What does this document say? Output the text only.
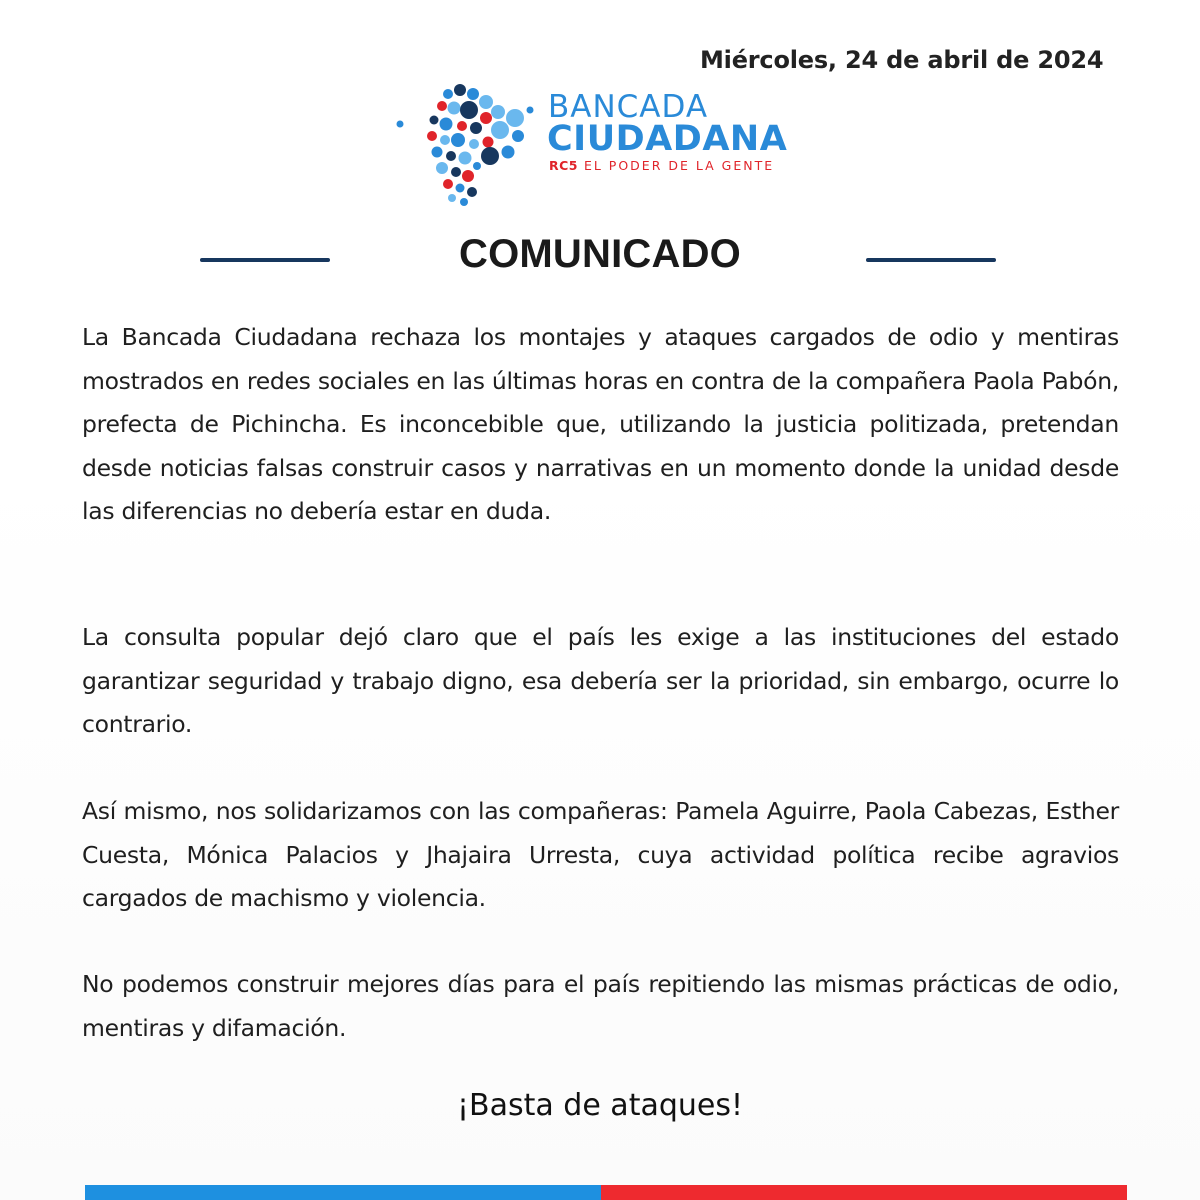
Miércoles, 24 de abril de 2024
BANCADA
CIUDADANA
RC5 EL PODER DE LA GENTE
COMUNICADO

La Bancada Ciudadana rechaza los montajes y ataques cargados de odio y mentiras mostrados en redes sociales en las últimas horas en contra de la compañera Paola Pabón, prefecta de Pichincha. Es inconcebible que, utilizando la justicia politizada, pretendan desde noticias falsas construir casos y narrativas en un momento donde la unidad desde las diferencias no debería estar en duda.

La consulta popular dejó claro que el país les exige a las instituciones del estado garantizar seguridad y trabajo digno, esa debería ser la prioridad, sin embargo, ocurre lo contrario.

Así mismo, nos solidarizamos con las compañeras: Pamela Aguirre, Paola Cabezas, Esther Cuesta, Mónica Palacios y Jhajaira Urresta, cuya actividad política recibe agravios cargados de machismo y violencia.

No podemos construir mejores días para el país repitiendo las mismas prácticas de odio, mentiras y difamación.

¡Basta de ataques!
